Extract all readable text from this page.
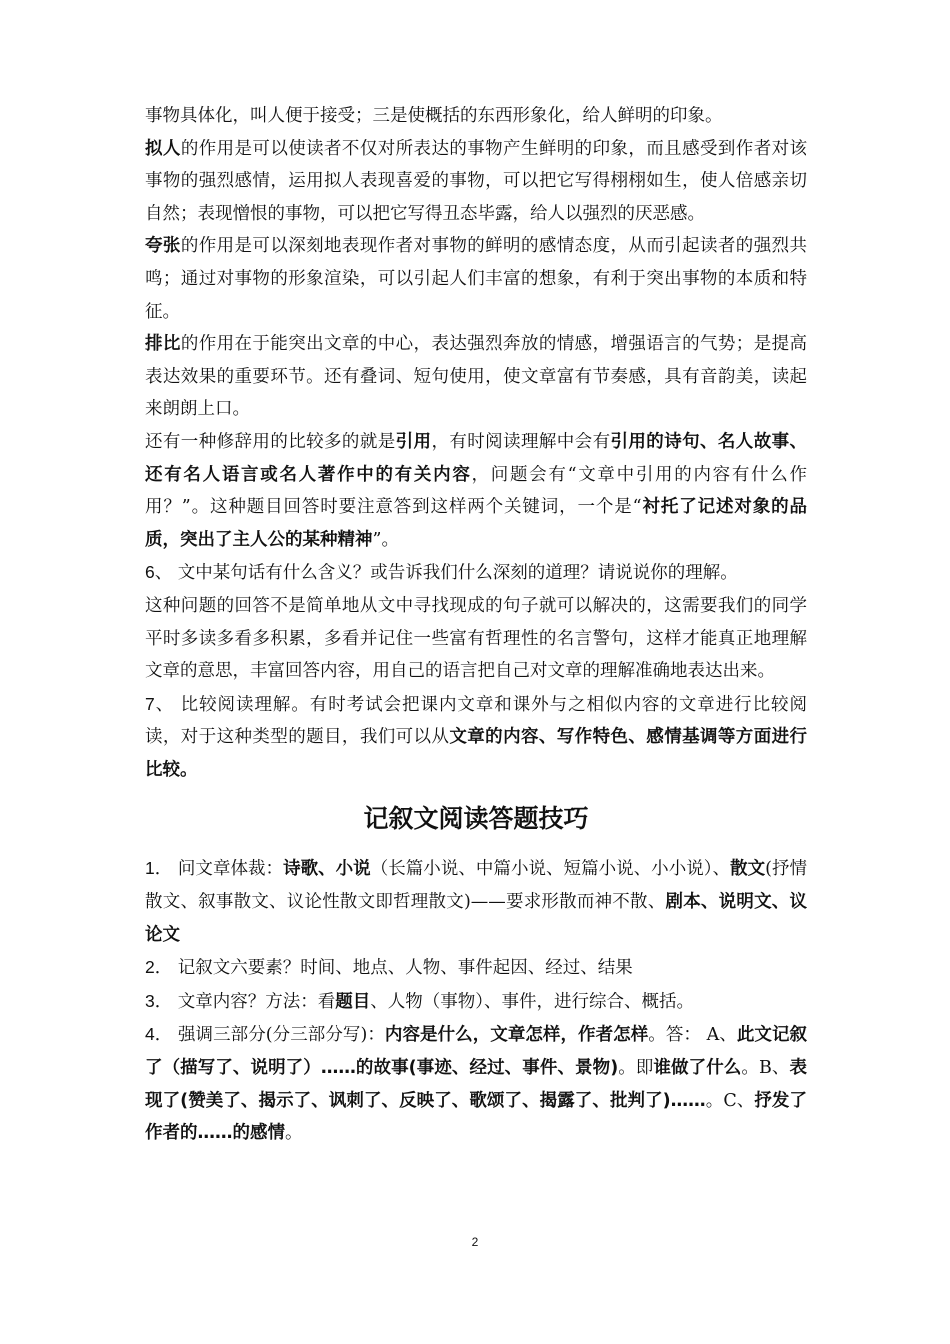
事物具体化，叫人便于接受；三是使概括的东西形象化，给人鲜明的印象。

拟人的作用是可以使读者不仅对所表达的事物产生鲜明的印象，而且感受到作者对该事物的强烈感情，运用拟人表现喜爱的事物，可以把它写得栩栩如生，使人倍感亲切自然；表现憎恨的事物，可以把它写得丑态毕露，给人以强烈的厌恶感。

夸张的作用是可以深刻地表现作者对事物的鲜明的感情态度，从而引起读者的强烈共鸣；通过对事物的形象渲染，可以引起人们丰富的想象，有利于突出事物的本质和特征。

排比的作用在于能突出文章的中心，表达强烈奔放的情感，增强语言的气势；是提高表达效果的重要环节。还有叠词、短句使用，使文章富有节奏感，具有音韵美，读起来朗朗上口。

还有一种修辞用的比较多的就是引用，有时阅读理解中会有引用的诗句、名人故事、还有名人语言或名人著作中的有关内容，问题会有“文章中引用的内容有什么作用？”。这种题目回答时要注意答到这样两个关键词，一个是“衬托了记述对象的品质，突出了主人公的某种精神”。

6、 文中某句话有什么含义？或告诉我们什么深刻的道理？请说说你的理解。

这种问题的回答不是简单地从文中寻找现成的句子就可以解决的，这需要我们的同学平时多读多看多积累，多看并记住一些富有哲理性的名言警句，这样才能真正地理解文章的意思，丰富回答内容，用自己的语言把自己对文章的理解准确地表达出来。

7、 比较阅读理解。有时考试会把课内文章和课外与之相似内容的文章进行比较阅读，对于这种类型的题目，我们可以从文章的内容、写作特色、感情基调等方面进行比较。

记叙文阅读答题技巧

1． 问文章体裁：诗歌、小说（长篇小说、中篇小说、短篇小说、小小说）、散文(抒情散文、叙事散文、议论性散文即哲理散文)——要求形散而神不散、剧本、说明文、议论文

2． 记叙文六要素？时间、地点、人物、事件起因、经过、结果

3． 文章内容？方法：看题目、人物（事物）、事件，进行综合、概括。

4． 强调三部分(分三部分写)：内容是什么，文章怎样，作者怎样。答： A、此文记叙了（描写了、说明了）……的故事(事迹、经过、事件、景物)。即谁做了什么。B、表现了(赞美了、揭示了、讽刺了、反映了、歌颂了、揭露了、批判了)……。C、抒发了作者的……的感情。

2
